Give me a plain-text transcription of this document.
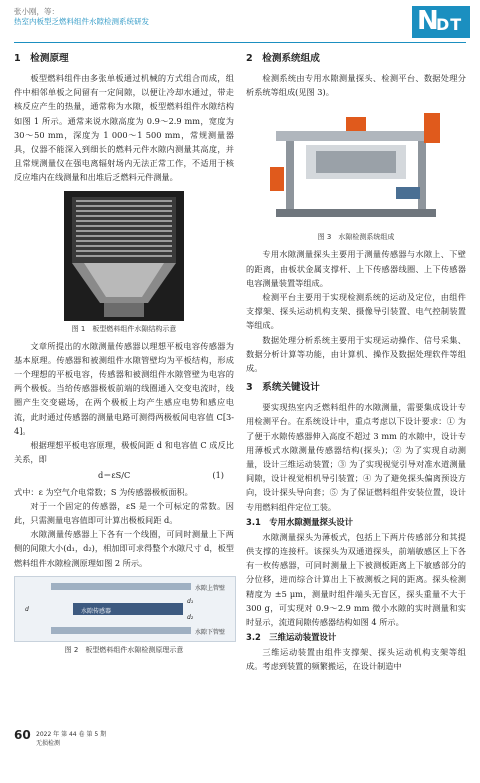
张小刚，等：
热室内板型乏燃料组件水隙检测系统研发	N
DT
1　检测原理

板型燃料组件由多张单板通过机械的方式组合而成，组件中相邻单板之间留有一定间隙，以便让冷却水通过，带走核反应产生的热量，通常称为水隙，板型燃料组件水隙结构如图 1 所示。通常来说水隙高度为 0.9～2.9 mm，宽度为 30～50 mm，深度为 1 000～1 500 mm，常规测量器具，仪器不能深入到细长的燃料元件水隙内测量其高度，并且常规测量仪在强电离辐射场内无法正常工作，不适用于核反应堆内在线测量和出堆后乏燃料元件测量。

图 1　板型燃料组件水隙结构示意

文章所提出的水隙测量传感器以理想平板电容传感器为基本原理。传感器和被测组件水隙管壁均为平板结构，形成一个理想的平板电容，传感器和被测组件水隙管壁为电容的两个极板。当给传感器极板前端的线圈通入交变电流时，线圈产生交变磁场，在两个极板上均产生感应电势和感应电流，此时通过传感器的测量电路可测得两极板间电容值 C[3-4]。

根据理想平板电容原理，极板间距 d 和电容值 C 成反比关系，即

d＝εS/C	(1)

式中：ε 为空气介电常数；S 为传感器极板面积。

对于一个固定的传感器，εS 是一个可标定的常数。因此，只需测量电容值即可计算出极板间距 d。

水隙测量传感器上下各有一个线圈，可同时测量上下两侧的间隙大小(d₁，d₂)，相加即可求得整个水隙尺寸 d，板型燃料组件水隙检测原理如图 2 所示。

水隙上管壁
d	水隙传感器
d₁
d₂
水隙下管壁
图 2　板型燃料组件水隙检测原理示意
2　检测系统组成

检测系统由专用水隙测量探头、检测平台、数据处理分析系统等组成(见图 3)。

图 3　水隙检测系统组成

专用水隙测量探头主要用于测量传感器与水隙上、下壁的距离，由板状金属支撑杆、上下传感器线圈、上下传感器电容测量装置等组成。

检测平台主要用于实现检测系统的运动及定位，由组件支撑架、探头运动机构支架、摄像导引装置、电气控制装置等组成。

数据处理分析系统主要用于实现运动操作、信号采集、数据分析计算等功能，由计算机、操作及数据处理软件等组成。

3　系统关键设计

要实现热室内乏燃料组件的水隙测量，需要集成设计专用检测平台。在系统设计中，重点考虑以下设计要求：① 为了便于水隙传感器伸入高度不超过 3 mm 的水隙中，设计专用薄板式水隙测量传感器结构(探头)；② 为了实现自动测量，设计三维运动装置；③ 为了实现视觉引导对准水道测量间隙，设计视觉相机导引装置；④ 为了避免探头偏离预设方向，设计探头导向套；⑤ 为了保证燃料组件安装位置，设计专用燃料组件定位工装。

3.1　专用水隙测量探头设计

水隙测量探头为薄板式，包括上下两片传感部分和其提供支撑的连接杆。该探头为双通道探头，前端敏感区上下各有一枚传感器，可同时测量上下被测板距离上下敏感部分的分位移，进而综合计算出上下被测板之间的距离。探头检测精度为 ±5 μm，测量时组件端头无盲区，探头重量不大于 300 g，可实现对 0.9～2.9 mm 微小水隙的实时测量和实时显示，流道间隙传感器结构如图 4 所示。

3.2　三维运动装置设计

三维运动装置由组件支撑架、探头运动机构支架等组成。考虑到装置的频繁搬运，在设计制造中

60 2022 年 第 44 卷 第 5 期
无损检测
